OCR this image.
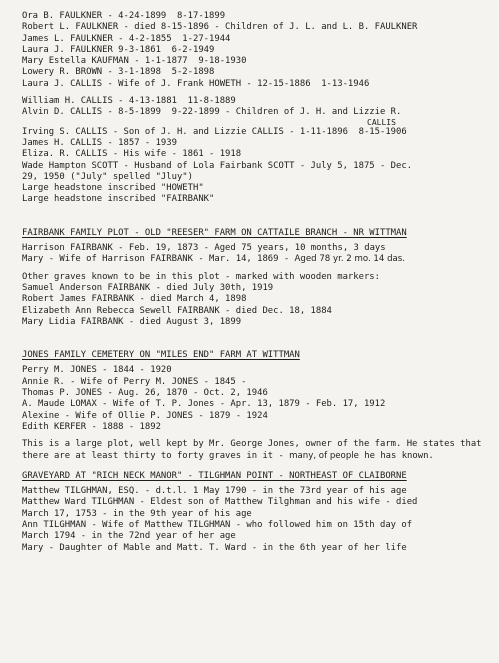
Ora B. FAULKNER - 4-24-1899  8-17-1899
Robert L. FAULKNER - died 8-15-1896 - Children of J. L. and L. B. FAULKNER
James L. FAULKNER - 4-2-1855  1-27-1944
Laura J. FAULKNER 9-3-1861  6-2-1949
Mary Estella KAUFMAN - 1-1-1877  9-18-1930
Lowery R. BROWN - 3-1-1898  5-2-1898
Laura J. CALLIS - Wife of J. Frank HOWETH - 12-15-1886  1-13-1946
William H. CALLIS - 4-13-1881  11-8-1889
Alvin D. CALLIS - 8-5-1899  9-22-1899 - Children of J. H. and Lizzie R.
CALLIS
Irving S. CALLIS - Son of J. H. and Lizzie CALLIS - 1-11-1896  8-15-1906
James H. CALLIS - 1857 - 1939
Eliza. R. CALLIS - His wife - 1861 - 1918
Wade Hampton SCOTT - Husband of Lola Fairbank SCOTT - July 5, 1875 - Dec.
29, 1950 ("July" spelled "Jluy")
Large headstone inscribed "HOWETH"
Large headstone inscribed "FAIRBANK"
FAIRBANK FAMILY PLOT - OLD "REESER" FARM ON CATTAILE BRANCH - NR WITTMAN
Harrison FAIRBANK - Feb. 19, 1873 - Aged 75 years, 10 months, 3 days
Mary - Wife of Harrison FAIRBANK - Mar. 14, 1869 - Aged 78 yr. 2 mo. 14 das.
Other graves known to be in this plot - marked with wooden markers:
Samuel Anderson FAIRBANK - died July 30th, 1919
Robert James FAIRBANK - died March 4, 1898
Elizabeth Ann Rebecca Sewell FAIRBANK - died Dec. 18, 1884
Mary Lidia FAIRBANK - died August 3, 1899
JONES FAMILY CEMETERY ON "MILES END" FARM AT WITTMAN
Perry M. JONES - 1844 - 1920
Annie R. - Wife of Perry M. JONES - 1845 -
Thomas P. JONES - Aug. 26, 1870 - Oct. 2, 1946
A. Maude LOMAX - Wife of T. P. Jones - Apr. 13, 1879 - Feb. 17, 1912
Alexine - Wife of Ollie P. JONES - 1879 - 1924
Edith KERFER - 1888 - 1892
This is a large plot, well kept by Mr. George Jones, owner of the farm. He states that there are at least thirty to forty graves in it - many, of people he has known.
GRAVEYARD AT "RICH NECK MANOR" - TILGHMAN POINT - NORTHEAST OF CLAIBORNE
Matthew TILGHMAN, ESQ. - d.t.l. 1 May 1790 - in the 73rd year of his age
Matthew Ward TILGHMAN - Eldest son of Matthew Tilghman and his wife - died
March 17, 1753 - in the 9th year of his age
Ann TILGHMAN - Wife of Matthew TILGHMAN - who followed him on 15th day of
March 1794 - in the 72nd year of her age
Mary - Daughter of Mable and Matt. T. Ward - in the 6th year of her life
